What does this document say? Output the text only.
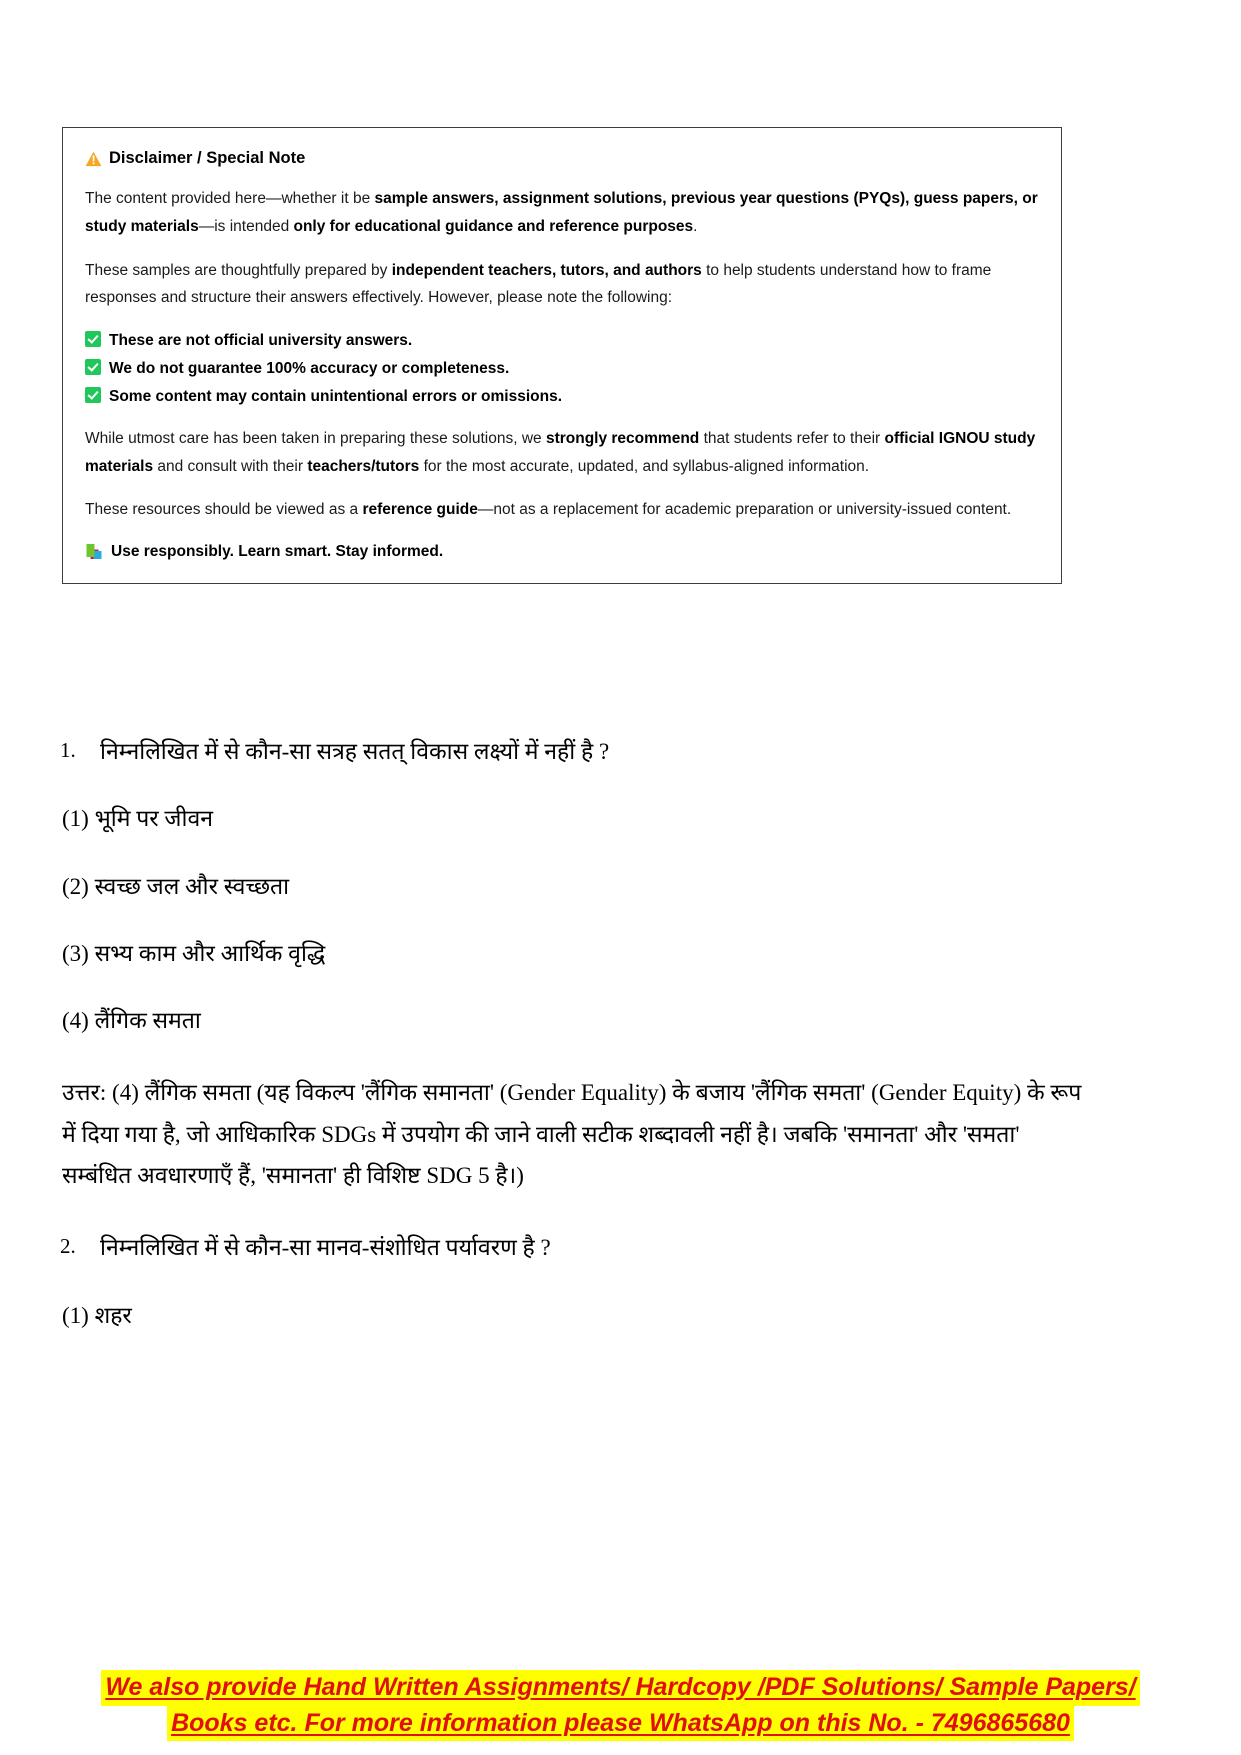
Disclaimer / Special Note

The content provided here—whether it be sample answers, assignment solutions, previous year questions (PYQs), guess papers, or study materials—is intended only for educational guidance and reference purposes.

These samples are thoughtfully prepared by independent teachers, tutors, and authors to help students understand how to frame responses and structure their answers effectively. However, please note the following:

These are not official university answers.
We do not guarantee 100% accuracy or completeness.
Some content may contain unintentional errors or omissions.

While utmost care has been taken in preparing these solutions, we strongly recommend that students refer to their official IGNOU study materials and consult with their teachers/tutors for the most accurate, updated, and syllabus-aligned information.

These resources should be viewed as a reference guide—not as a replacement for academic preparation or university-issued content.

Use responsibly. Learn smart. Stay informed.
1. निम्नलिखित में से कौन-सा सत्रह सतत् विकास लक्ष्यों में नहीं है ?
(1) भूमि पर जीवन
(2) स्वच्छ जल और स्वच्छता
(3) सभ्य काम और आर्थिक वृद्धि
(4) लैंगिक समता
उत्तर: (4) लैंगिक समता (यह विकल्प 'लैंगिक समानता' (Gender Equality) के बजाय 'लैंगिक समता' (Gender Equity) के रूप में दिया गया है, जो आधिकारिक SDGs में उपयोग की जाने वाली सटीक शब्दावली नहीं है। जबकि 'समानता' और 'समता' सम्बंधित अवधारणाएँ हैं, 'समानता' ही विशिष्ट SDG 5 है।)
2. निम्नलिखित में से कौन-सा मानव-संशोधित पर्यावरण है ?
(1) शहर
We also provide Hand Written Assignments/ Hardcopy /PDF Solutions/ Sample Papers/
Books etc. For more information please WhatsApp on this No. - 7496865680
